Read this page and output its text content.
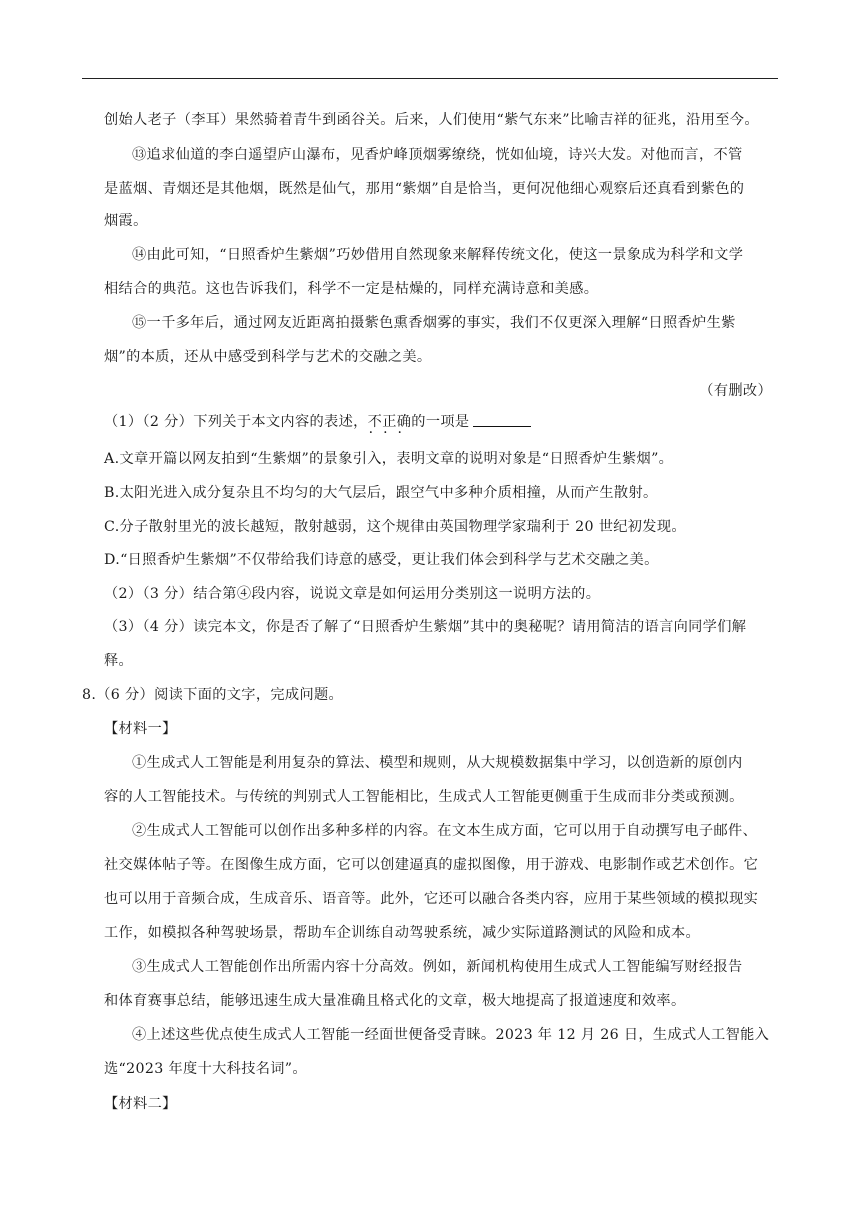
创始人老子（李耳）果然骑着青牛到函谷关。后来，人们使用“紫气东来”比喻吉祥的征兆，沿用至今。
⑬追求仙道的李白遥望庐山瀑布，见香炉峰顶烟雾缭绕，恍如仙境，诗兴大发。对他而言，不管
是蓝烟、青烟还是其他烟，既然是仙气，那用“紫烟”自是恰当，更何况他细心观察后还真看到紫色的
烟霞。
⑭由此可知，“日照香炉生紫烟”巧妙借用自然现象来解释传统文化，使这一景象成为科学和文学
相结合的典范。这也告诉我们，科学不一定是枯燥的，同样充满诗意和美感。
⑮一千多年后，通过网友近距离拍摄紫色熏香烟雾的事实，我们不仅更深入理解“日照香炉生紫
烟”的本质，还从中感受到科学与艺术的交融之美。
（有删改）
（1）（2 分）下列关于本文内容的表述，不正确 · · ·的一项是
A.文章开篇以网友拍到“生紫烟”的景象引入，表明文章的说明对象是“日照香炉生紫烟”。
B.太阳光进入成分复杂且不均匀的大气层后，跟空气中多种介质相撞，从而产生散射。
C.分子散射里光的波长越短，散射越弱，这个规律由英国物理学家瑞利于 20 世纪初发现。
D.“日照香炉生紫烟”不仅带给我们诗意的感受，更让我们体会到科学与艺术交融之美。
（2）（3 分）结合第④段内容，说说文章是如何运用分类别这一说明方法的。
（3）（4 分）读完本文，你是否了解了“日照香炉生紫烟”其中的奥秘呢？请用简洁的语言向同学们解
释。
8.（6 分）阅读下面的文字，完成问题。
【材料一】
①生成式人工智能是利用复杂的算法、模型和规则，从大规模数据集中学习，以创造新的原创内
容的人工智能技术。与传统的判别式人工智能相比，生成式人工智能更侧重于生成而非分类或预测。
②生成式人工智能可以创作出多种多样的内容。在文本生成方面，它可以用于自动撰写电子邮件、
社交媒体帖子等。在图像生成方面，它可以创建逼真的虚拟图像，用于游戏、电影制作或艺术创作。它
也可以用于音频合成，生成音乐、语音等。此外，它还可以融合各类内容，应用于某些领域的模拟现实
工作，如模拟各种驾驶场景，帮助车企训练自动驾驶系统，减少实际道路测试的风险和成本。
③生成式人工智能创作出所需内容十分高效。例如，新闻机构使用生成式人工智能编写财经报告
和体育赛事总结，能够迅速生成大量准确且格式化的文章，极大地提高了报道速度和效率。
④上述这些优点使生成式人工智能一经面世便备受青睐。2023 年 12 月 26 日，生成式人工智能入
选“2023 年度十大科技名词”。
【材料二】
